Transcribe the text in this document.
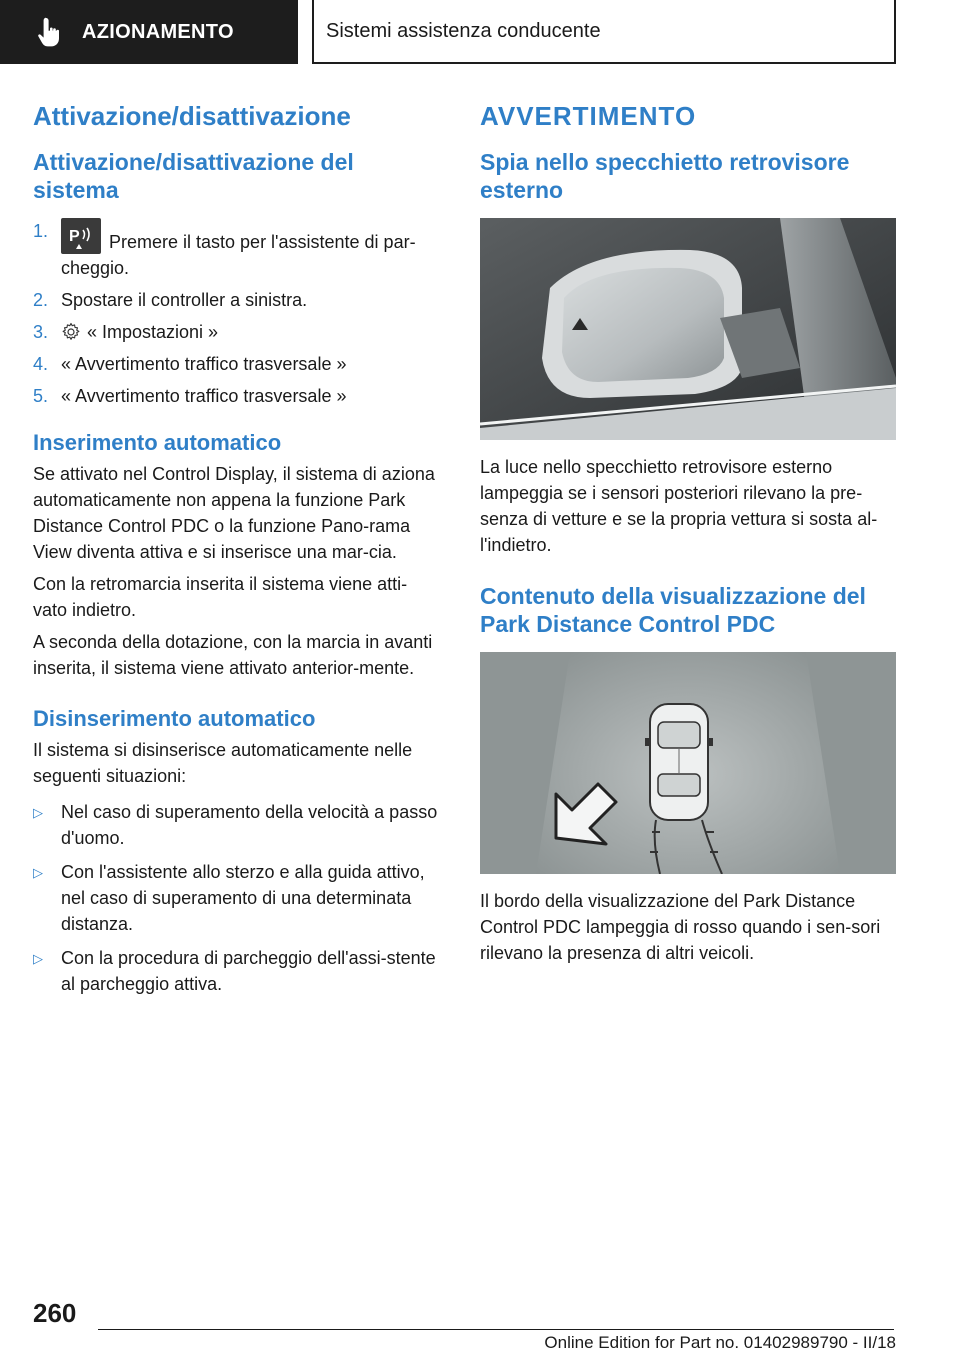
AZIONAMENTO	Sistemi assistenza conducente
Attivazione/disattivazione
Attivazione/disattivazione del sistema
1.	P Premere il tasto per l'assistente di par-cheggio.
2. Spostare il controller a sinistra.
3.	« Impostazioni »
4. « Avvertimento traffico trasversale »
5. « Avvertimento traffico trasversale »
Inserimento automatico

Se attivato nel Control Display, il sistema di aziona automaticamente non appena la funzione Park Distance Control PDC o la funzione Pano-rama View diventa attiva e si inserisce una mar-cia.

Con la retromarcia inserita il sistema viene atti-vato indietro.

A seconda della dotazione, con la marcia in avanti inserita, il sistema viene attivato anterior-mente.

Disinserimento automatico

Il sistema si disinserisce automaticamente nelle seguenti situazioni:

▷	Nel caso di superamento della velocità a passo d'uomo.
▷	Con l'assistente allo sterzo e alla guida attivo, nel caso di superamento di una determinata distanza.
▷	Con la procedura di parcheggio dell'assi-stente al parcheggio attiva.
AVVERTIMENTO
Spia nello specchietto retrovisore esterno

La luce nello specchietto retrovisore esterno lampeggia se i sensori posteriori rilevano la pre-senza di vetture e se la propria vettura si sosta al-l'indietro.

Contenuto della visualizzazione del Park Distance Control PDC

Il bordo della visualizzazione del Park Distance Control PDC lampeggia di rosso quando i sen-sori rilevano la presenza di altri veicoli.

260
Online Edition for Part no. 01402989790 - II/18
